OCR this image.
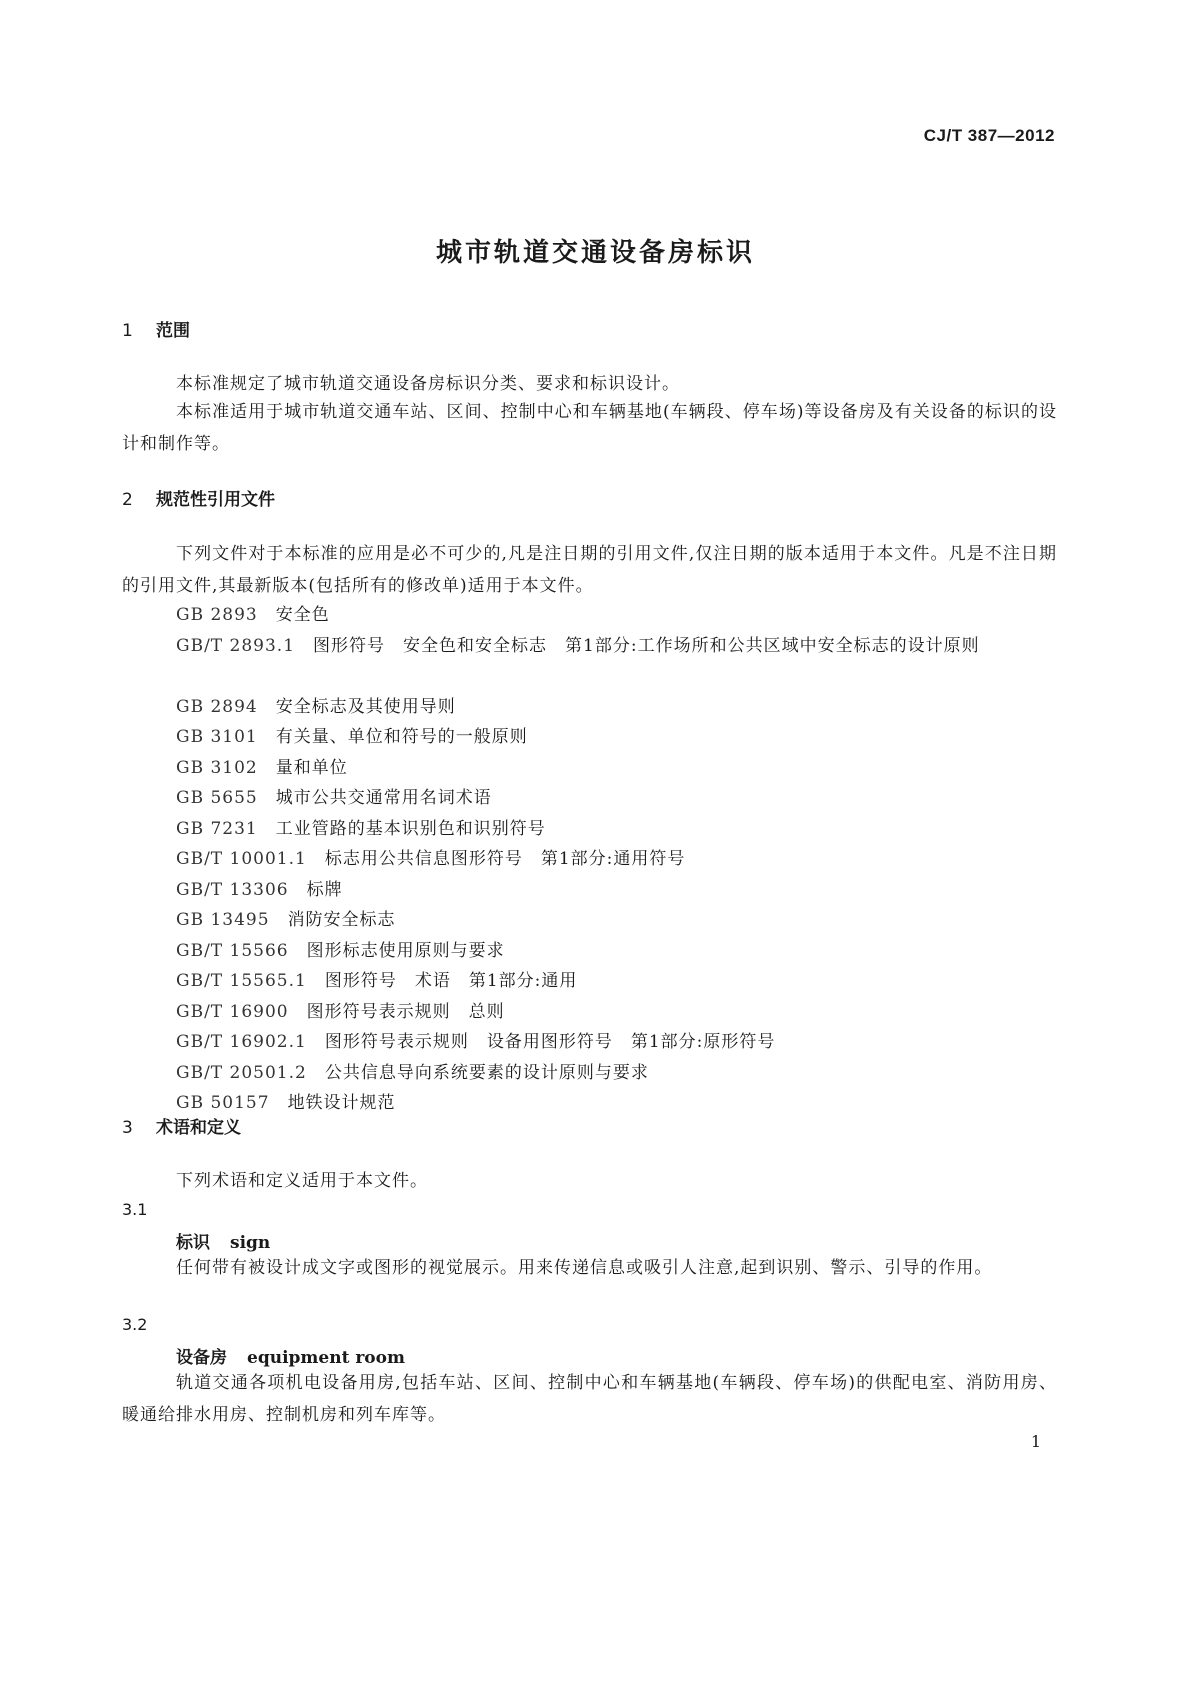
CJ/T 387—2012
城市轨道交通设备房标识
1 范围
本标准规定了城市轨道交通设备房标识分类、要求和标识设计。
本标准适用于城市轨道交通车站、区间、控制中心和车辆基地(车辆段、停车场)等设备房及有关设备的标识的设计和制作等。
2 规范性引用文件
下列文件对于本标准的应用是必不可少的,凡是注日期的引用文件,仅注日期的版本适用于本文件。凡是不注日期的引用文件,其最新版本(包括所有的修改单)适用于本文件。
GB 2893 安全色
GB/T 2893.1 图形符号　安全色和安全标志　第1部分:工作场所和公共区域中安全标志的设计原则
GB 2894 安全标志及其使用导则
GB 3101 有关量、单位和符号的一般原则
GB 3102 量和单位
GB 5655 城市公共交通常用名词术语
GB 7231 工业管路的基本识别色和识别符号
GB/T 10001.1 标志用公共信息图形符号　第1部分:通用符号
GB/T 13306 标牌
GB 13495 消防安全标志
GB/T 15566 图形标志使用原则与要求
GB/T 15565.1 图形符号　术语　第1部分:通用
GB/T 16900 图形符号表示规则　总则
GB/T 16902.1 图形符号表示规则　设备用图形符号　第1部分:原形符号
GB/T 20501.2 公共信息导向系统要素的设计原则与要求
GB 50157 地铁设计规范
3 术语和定义
下列术语和定义适用于本文件。
3.1
标识 sign
任何带有被设计成文字或图形的视觉展示。用来传递信息或吸引人注意,起到识别、警示、引导的作用。
3.2
设备房 equipment room
轨道交通各项机电设备用房,包括车站、区间、控制中心和车辆基地(车辆段、停车场)的供配电室、消防用房、暖通给排水用房、控制机房和列车库等。
1
